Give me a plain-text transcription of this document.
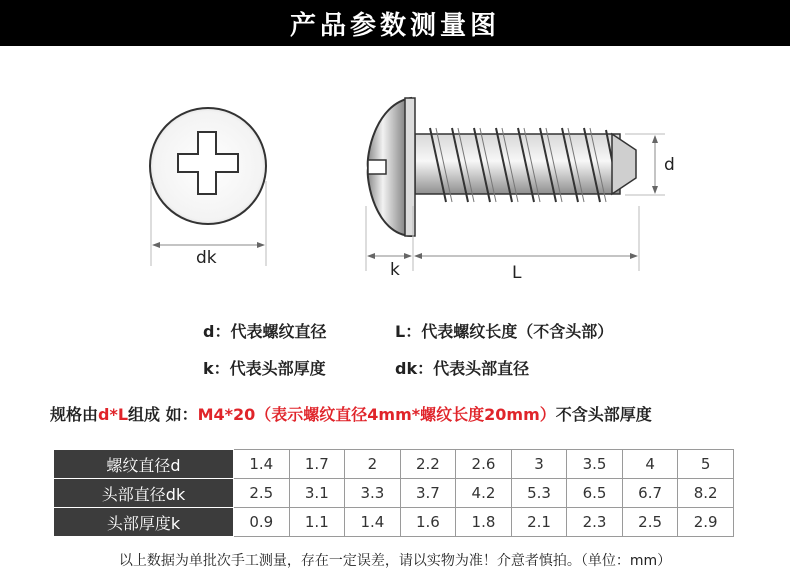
产品参数测量图
dk
k	L
d
d：代表螺纹直径	L：代表螺纹长度（不含头部）
k：代表头部厚度	dk：代表头部直径
规格由d*L组成 如：M4*20（表示螺纹直径4mm*螺纹长度20mm）不含头部厚度
螺纹直径d	1.4	1.7	2	2.2	2.6	3	3.5	4	5
头部直径dk	2.5	3.1	3.3	3.7	4.2	5.3	6.5	6.7	8.2
头部厚度k	0.9	1.1	1.4	1.6	1.8	2.1	2.3	2.5	2.9
以上数据为单批次手工测量，存在一定误差，请以实物为准！介意者慎拍。（单位：mm）
